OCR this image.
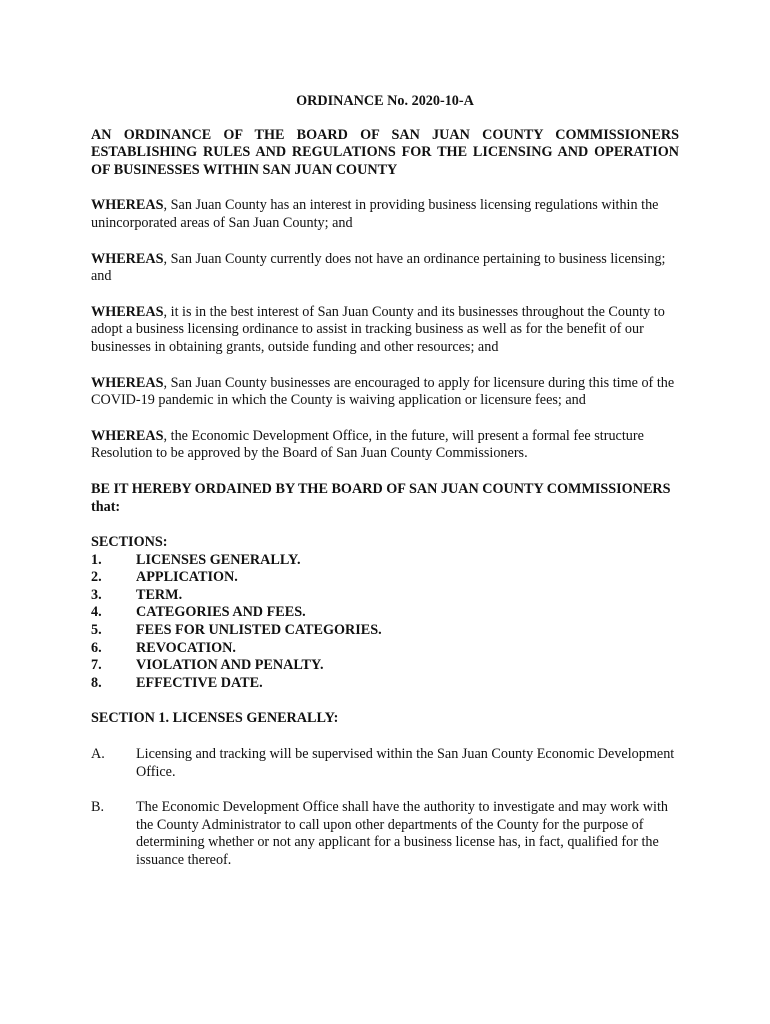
ORDINANCE No. 2020-10-A

AN ORDINANCE OF THE BOARD OF SAN JUAN COUNTY COMMISSIONERS ESTABLISHING RULES AND REGULATIONS FOR THE LICENSING AND OPERATION OF BUSINESSES WITHIN SAN JUAN COUNTY

WHEREAS, San Juan County has an interest in providing business licensing regulations within the unincorporated areas of San Juan County; and

WHEREAS, San Juan County currently does not have an ordinance pertaining to business licensing; and

WHEREAS, it is in the best interest of San Juan County and its businesses throughout the County to adopt a business licensing ordinance to assist in tracking business as well as for the benefit of our businesses in obtaining grants, outside funding and other resources; and

WHEREAS, San Juan County businesses are encouraged to apply for licensure during this time of the COVID-19 pandemic in which the County is waiving application or licensure fees; and

WHEREAS, the Economic Development Office, in the future, will present a formal fee structure Resolution to be approved by the Board of San Juan County Commissioners.

BE IT HEREBY ORDAINED BY THE BOARD OF SAN JUAN COUNTY COMMISSIONERS that:

SECTIONS:

1.	LICENSES GENERALLY.
2.	APPLICATION.
3.	TERM.
4.	CATEGORIES AND FEES.
5.	FEES FOR UNLISTED CATEGORIES.
6.	REVOCATION.
7.	VIOLATION AND PENALTY.
8.	EFFECTIVE DATE.

SECTION 1. LICENSES GENERALLY:

A.	Licensing and tracking will be supervised within the San Juan County Economic Development Office.
B.	The Economic Development Office shall have the authority to investigate and may work with the County Administrator to call upon other departments of the County for the purpose of determining whether or not any applicant for a business license has, in fact, qualified for the issuance thereof.
